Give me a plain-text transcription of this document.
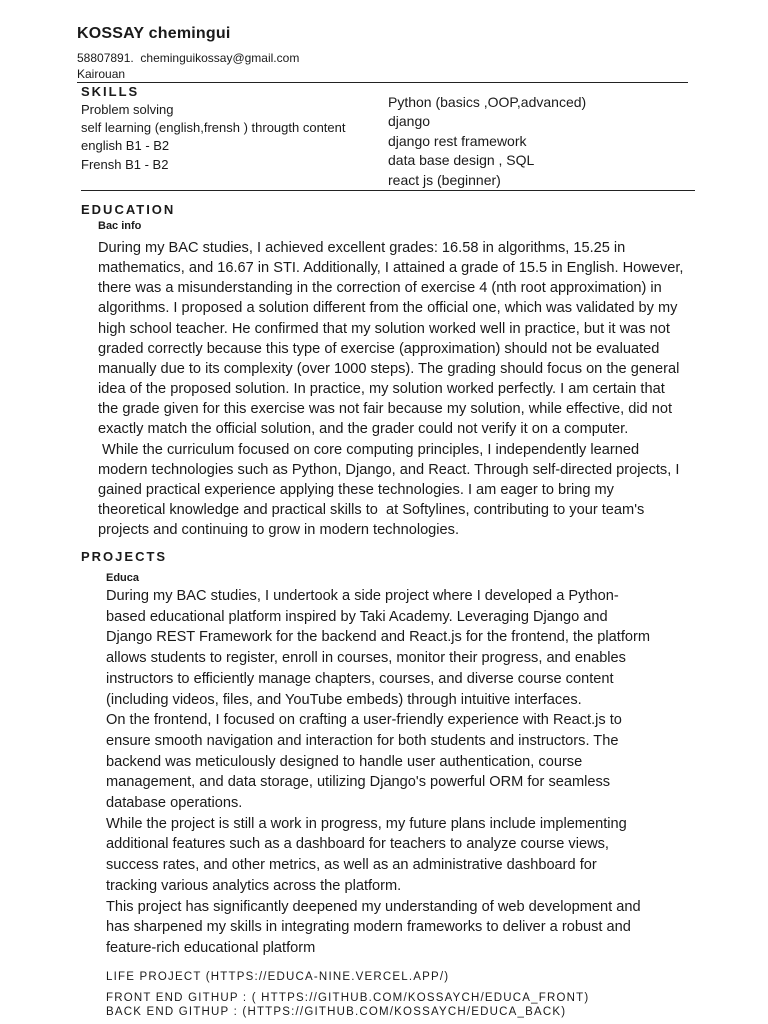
KOSSAY chemingui
58807891. cheminguikossay@gmail.com
Kairouan
SKILLS
Problem solving
self learning (english,frensh ) througth content
english B1 - B2
Frensh B1 - B2
Python (basics ,OOP,advanced)
django
django rest framework
data base design , SQL
react js (beginner)
EDUCATION
Bac info

During my BAC studies, I achieved excellent grades: 16.58 in algorithms, 15.25 in

mathematics, and 16.67 in STI. Additionally, I attained a grade of 15.5 in English. However,

there was a misunderstanding in the correction of exercise 4 (nth root approximation) in

algorithms. I proposed a solution different from the official one, which was validated by my

high school teacher. He confirmed that my solution worked well in practice, but it was not

graded correctly because this type of exercise (approximation) should not be evaluated

manually due to its complexity (over 1000 steps). The grading should focus on the general

idea of the proposed solution. In practice, my solution worked perfectly. I am certain that

the grade given for this exercise was not fair because my solution, while effective, did not

exactly match the official solution, and the grader could not verify it on a computer.

While the curriculum focused on core computing principles, I independently learned

modern technologies such as Python, Django, and React. Through self-directed projects, I

gained practical experience applying these technologies. I am eager to bring my

theoretical knowledge and practical skills to  at Softylines, contributing to your team's

projects and continuing to grow in modern technologies.

PROJECTS
Educa

During my BAC studies, I undertook a side project where I developed a Python-

based educational platform inspired by Taki Academy. Leveraging Django and

Django REST Framework for the backend and React.js for the frontend, the platform

allows students to register, enroll in courses, monitor their progress, and enables

instructors to efficiently manage chapters, courses, and diverse course content

(including videos, files, and YouTube embeds) through intuitive interfaces.

On the frontend, I focused on crafting a user-friendly experience with React.js to

ensure smooth navigation and interaction for both students and instructors. The

backend was meticulously designed to handle user authentication, course

management, and data storage, utilizing Django's powerful ORM for seamless

database operations.

While the project is still a work in progress, my future plans include implementing

additional features such as a dashboard for teachers to analyze course views,

success rates, and other metrics, as well as an administrative dashboard for

tracking various analytics across the platform.

This project has significantly deepened my understanding of web development and

has sharpened my skills in integrating modern frameworks to deliver a robust and

feature-rich educational platform

LIFE PROJECT (HTTPS://EDUCA-NINE.VERCEL.APP/)
FRONT END GITHUP : ( HTTPS://GITHUB.COM/KOSSAYCH/EDUCA_FRONT)
BACK END GITHUP : (HTTPS://GITHUB.COM/KOSSAYCH/EDUCA_BACK)
